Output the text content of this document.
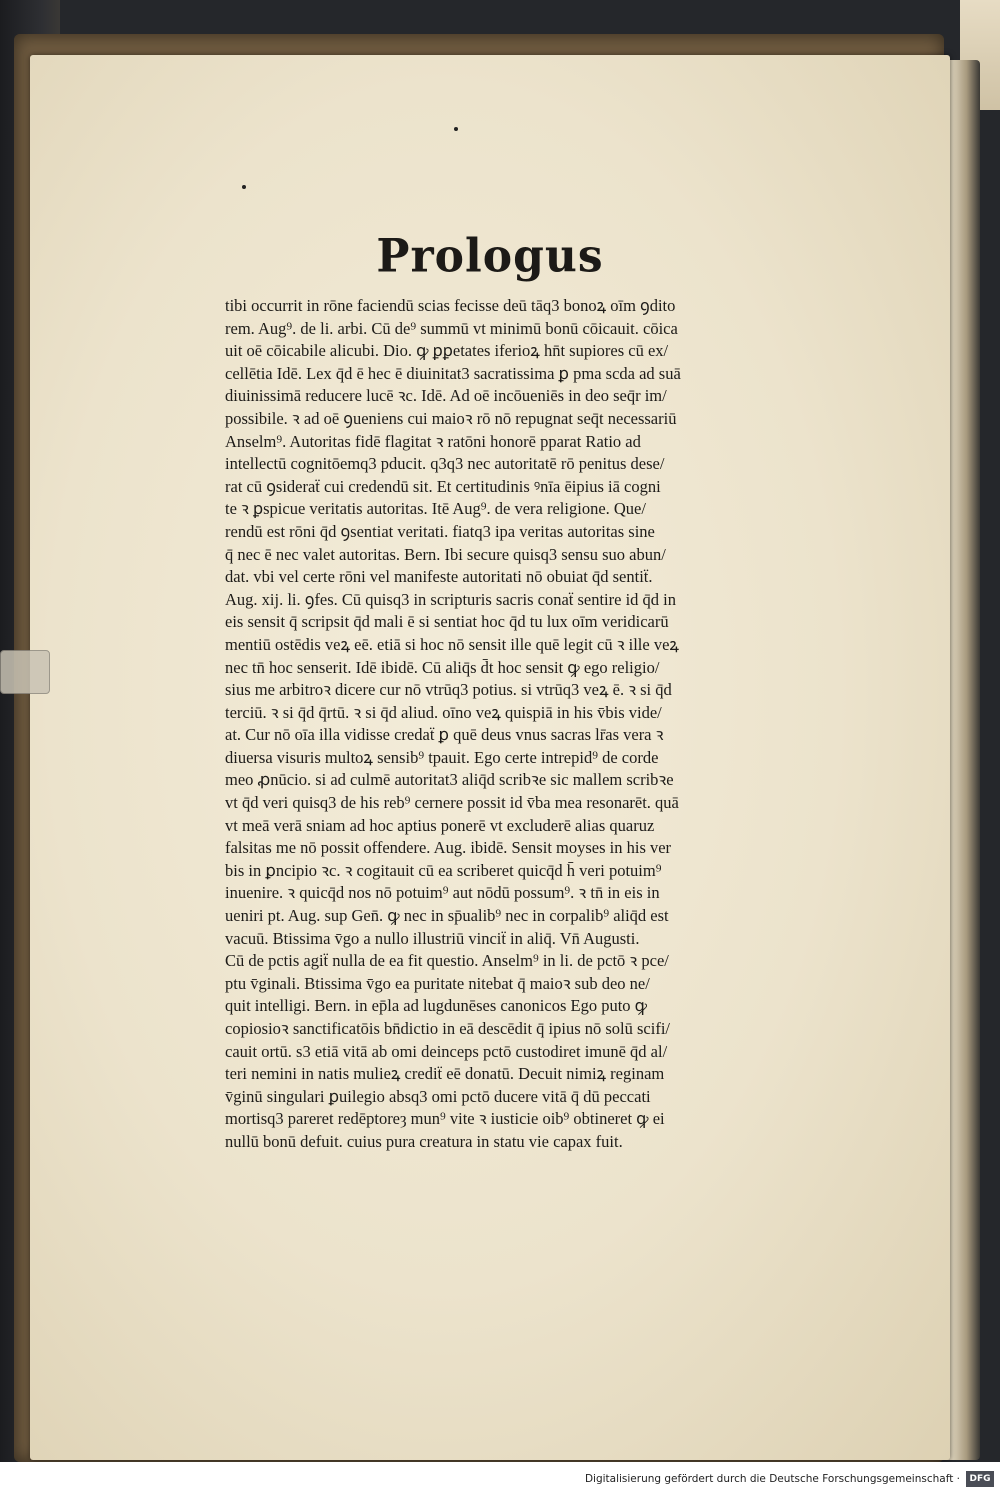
Prologus
tibi occurrit in rōne faciendū scias fecisse deū tāq3 bonoꝝ oīm ꝯdito
rem. Aug⁹. de li. arbi. Cū de⁹ summū vt minimū bonū cōicauit. cōica
uit oē cōicabile alicubi. Dio. ꝙ ꝑꝑetates iferioꝝ hn̄t supiores cū ex/
cellētia Idē. Lex q̄d ē hec ē diuinitat3 sacratissima ꝑ pma scda ad suā
diuinissimā reducere lucē ꝛc. Idē. Ad oē incōueniēs in deo seq̄r im/
possibile. ꝛ ad oē ꝯueniens cui maioꝛ rō nō repugnat seq̄t necessariū
Anselm⁹. Autoritas fidē flagitat ꝛ ratōni honorē pparat Ratio ad
intellectū cognitōemq3 pducit. q3q3 nec autoritatē rō penitus dese/
rat cū ꝯsideraẗ cui credendū sit. Et certitudinis ꝰnīa ēipius iā cogni
te ꝛ ꝑspicue veritatis autoritas. Itē Aug⁹. de vera religione. Que/
rendū est rōni q̄d ꝯsentiat veritati. fiatq3 ipa veritas autoritas sine
q̄ nec ē nec valet autoritas. Bern. Ibi secure quisq3 sensu suo abun/
dat. vbi vel certe rōni vel manifeste autoritati nō obuiat q̄d sentiẗ.
Aug. xij. li. ꝯfes. Cū quisq3 in scripturis sacris conaẗ sentire id q̄d in
eis sensit q̄ scripsit q̄d mali ē si sentiat hoc q̄d tu lux oīm veridicarū
mentiū ostēdis veꝝ eē. etiā si hoc nō sensit ille quē legit cū ꝛ ille veꝝ
nec tn̄ hoc senserit. Idē ibidē. Cū aliq̄s d̄t hoc sensit ꝙ ego religio/
sius me arbitroꝛ dicere cur nō vtrūq3 potius. si vtrūq3 veꝝ ē. ꝛ si q̄d
terciū. ꝛ si q̄d q̄rtū. ꝛ si q̄d aliud. oīno veꝝ quispiā in his v̄bis vide/
at. Cur nō oīa illa vidisse credaẗ ꝑ quē deus vnus sacras lr̄as vera ꝛ
diuersa visuris multoꝝ sensib⁹ tpauit. Ego certe intrepid⁹ de corde
meo ꝓnūcio. si ad culmē autoritat3 aliq̄d scribꝛe sic mallem scribꝛe
vt q̄d veri quisq3 de his reb⁹ cernere possit id v̄ba mea resonarēt. quā
vt meā verā sniam ad hoc aptius ponerē vt excluderē alias quaruz
falsitas me nō possit offendere. Aug. ibidē. Sensit moyses in his ver
bis in ꝑncipio ꝛc. ꝛ cogitauit cū ea scriberet quicq̄d h̄ veri potuim⁹
inuenire. ꝛ quicq̄d nos nō potuim⁹ aut nōdū possum⁹. ꝛ tn̄ in eis in
ueniri pt. Aug. sup Gen̄. ꝙ nec in sp̄ualib⁹ nec in corpalib⁹ aliq̄d est
vacuū. Btissima v̄go a nullo illustriū vinciẗ in aliq̄. Vn̄ Augusti.
Cū de pctis agiẗ nulla de ea fit questio. Anselm⁹ in li. de pctō ꝛ pce/
ptu v̄ginali. Btissima v̄go ea puritate nitebat q̄ maioꝛ sub deo ne/
quit intelligi. Bern. in ep̄la ad lugdunēses canonicos Ego puto ꝙ
copiosioꝛ sanctificatōis bn̄dictio in eā descēdit q̄ ipius nō solū scifi/
cauit ortū. s3 etiā vitā ab omi deinceps pctō custodiret imunē q̄d al/
teri nemini in natis mulieꝝ crediẗ eē donatū. Decuit nimiꝝ reginam
v̄ginū singulari ꝑuilegio absq3 omi pctō ducere vitā q̄ dū peccati
mortisq3 pareret redēptoreȝ mun⁹ vite ꝛ iusticie oib⁹ obtineret ꝙ ei
nullū bonū defuit. cuius pura creatura in statu vie capax fuit.
Digitalisierung gefördert durch die Deutsche Forschungsgemeinschaft ·	DFG
